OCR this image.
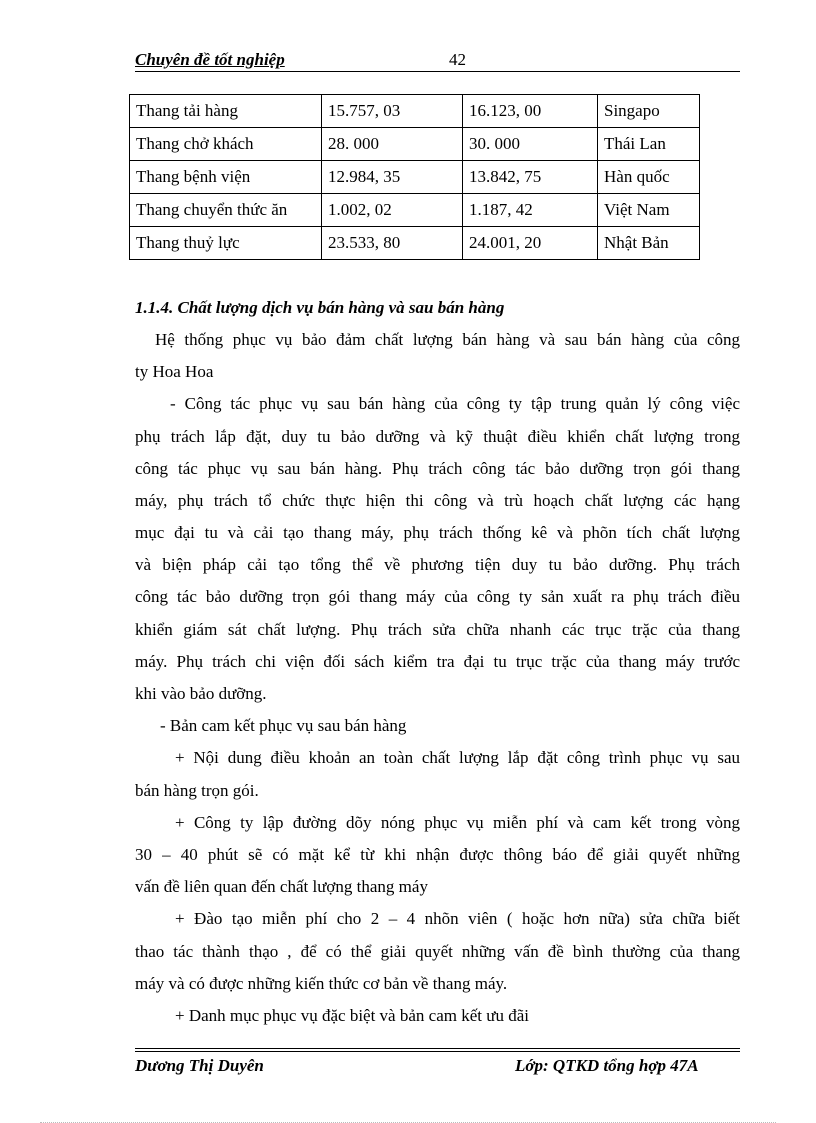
Chuyên đề tốt nghiệp	42
Thang tải hàng	15.757, 03	16.123, 00	Singapo
Thang chở khách	28. 000	30. 000	Thái Lan
Thang bệnh viện	12.984, 35	13.842, 75	Hàn quốc
Thang chuyển thức ăn	1.002, 02	1.187, 42	Việt Nam
Thang thuỷ lực	23.533, 80	24.001, 20	Nhật Bản
1.1.4. Chất lượng dịch vụ bán hàng và sau bán hàng
Hệ thống phục vụ bảo đảm chất lượng bán hàng và sau bán hàng của công
ty Hoa Hoa
- Công tác phục vụ sau bán hàng của công ty tập trung quản lý công việc
phụ trách lắp đặt, duy tu bảo dưỡng và kỹ thuật điều khiển chất lượng trong
công tác phục vụ sau bán hàng. Phụ trách công tác bảo dưỡng trọn gói thang
máy, phụ trách tổ chức thực hiện thi công và trù hoạch chất lượng các hạng
mục đại tu và cải tạo thang máy, phụ trách thống kê và phõn tích chất lượng
và biện pháp cải tạo tổng thể về phương tiện duy tu bảo dưỡng. Phụ trách
công tác bảo dưỡng trọn gói thang máy của công ty sản xuất ra phụ trách điều
khiển giám sát chất lượng. Phụ trách sửa chữa nhanh các trục trặc của thang
máy. Phụ trách chi viện đối sách kiểm tra đại tu trục trặc của thang máy trước
khi vào bảo dưỡng.
- Bản cam kết phục vụ sau bán hàng
+ Nội dung điều khoản an toàn chất lượng lắp đặt công trình phục vụ sau
bán hàng trọn gói.
+ Công ty lập đường dõy nóng phục vụ miễn phí và cam kết trong vòng
30 – 40 phút sẽ có mặt kể từ khi nhận được thông báo để giải quyết những
vấn đề liên quan đến chất lượng thang máy
+ Đào tạo miễn phí cho 2 – 4 nhõn viên ( hoặc hơn nữa) sửa chữa biết
thao tác thành thạo , để có thể giải quyết những vấn đề bình thường của thang
máy và có được những kiến thức cơ bản về thang máy.
+ Danh mục phục vụ đặc biệt và bản cam kết ưu đãi
Dương Thị Duyên	Lớp: QTKD tổng hợp 47A
